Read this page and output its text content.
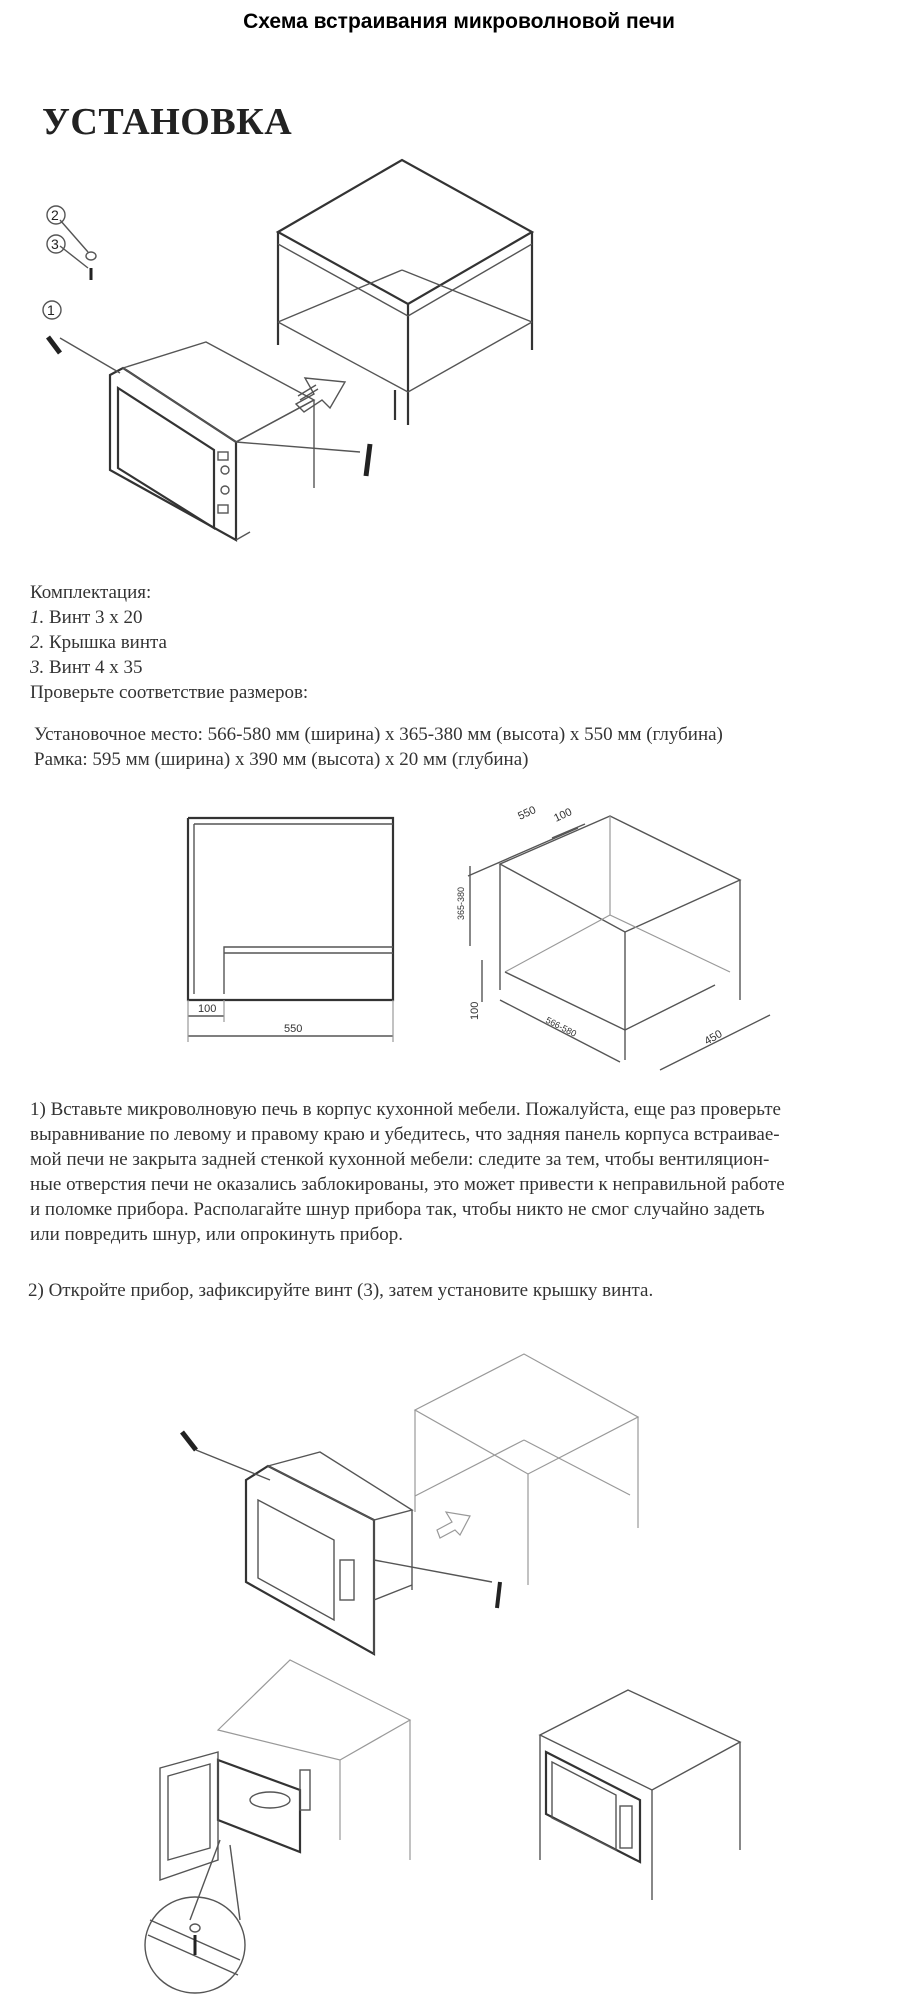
Схема встраивания микроволновой печи
УСТАНОВКА
2
3
1

Комплектация:

1. Винт 3 х 20

2. Крышка винта

3. Винт 4 х 35

Проверьте соответствие размеров:

Установочное место: 566-580 мм (ширина) х 365-380 мм (высота) х 550 мм (глубина)

Рамка: 595 мм (ширина) х 390 мм (высота) х 20 мм (глубина)

100
550
550 100
365-380
100
566-580	450

1) Вставьте микроволновую печь в корпус кухонной мебели. Пожалуйста, еще раз проверьте

выравнивание по левому и правому краю и убедитесь, что задняя панель корпуса встраивае-

мой печи не закрыта задней стенкой кухонной мебели: следите за тем, чтобы вентиляцион-

ные отверстия печи не оказались заблокированы, это может привести к неправильной работе

и поломке прибора. Располагайте шнур прибора так, чтобы никто не смог случайно задеть

или повредить шнур, или опрокинуть прибор.

2) Откройте прибор, зафиксируйте винт (3), затем установите крышку винта.
